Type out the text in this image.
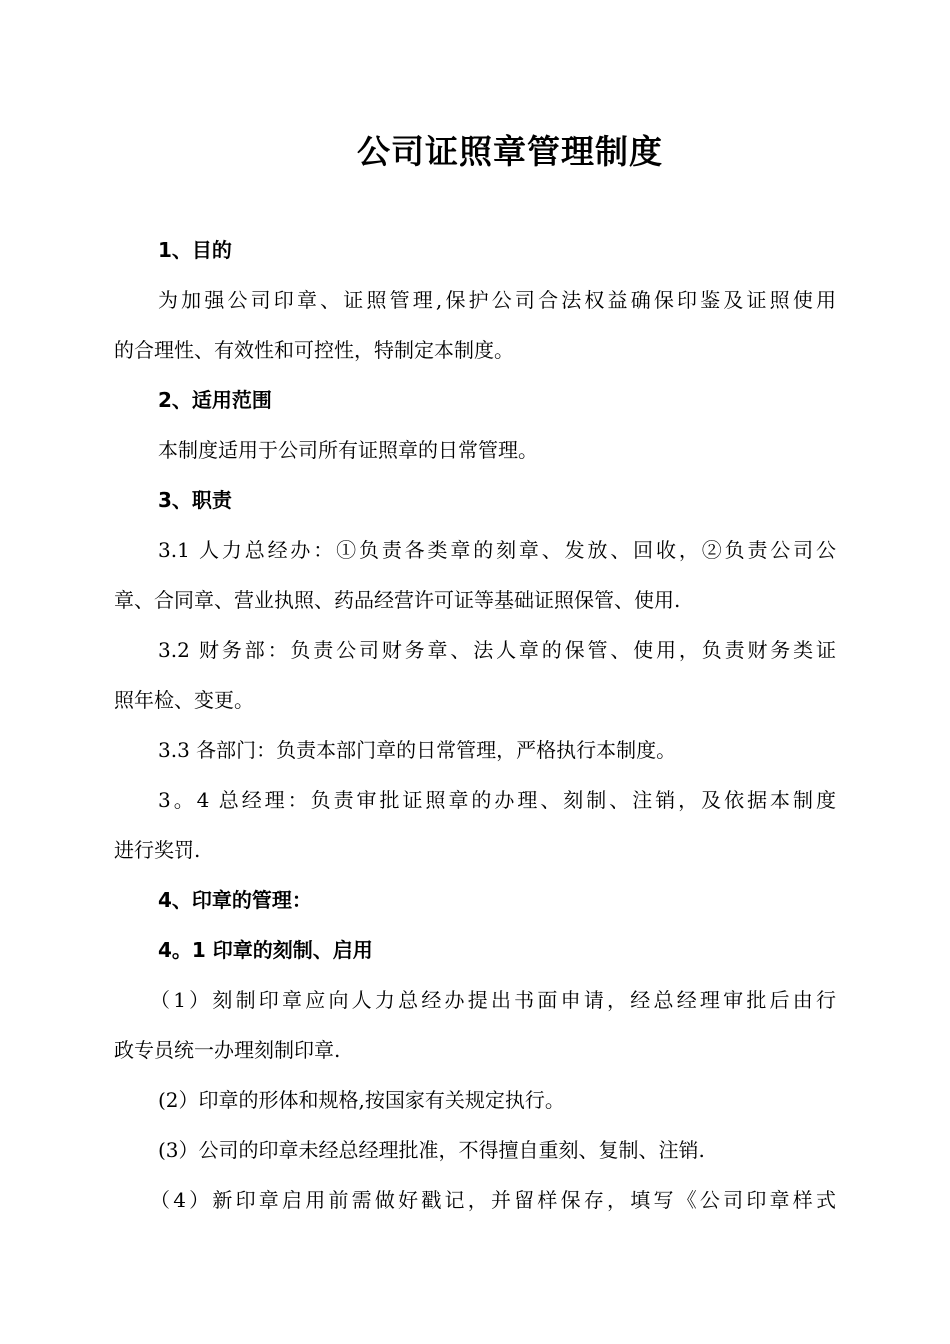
公司证照章管理制度

1、目的

为加强公司印章、证照管理,保护公司合法权益确保印鉴及证照使用

的合理性、有效性和可控性，特制定本制度。

2、适用范围

本制度适用于公司所有证照章的日常管理。

3、职责

3.1 人力总经办：①负责各类章的刻章、发放、回收，②负责公司公

章、合同章、营业执照、药品经营许可证等基础证照保管、使用.

3.2 财务部：负责公司财务章、法人章的保管、使用，负责财务类证

照年检、变更。

3.3 各部门：负责本部门章的日常管理，严格执行本制度。

3。4 总经理：负责审批证照章的办理、刻制、注销，及依据本制度

进行奖罚.

4、印章的管理：

4。1 印章的刻制、启用

（1）刻制印章应向人力总经办提出书面申请，经总经理审批后由行

政专员统一办理刻制印章.

(2）印章的形体和规格,按国家有关规定执行。

(3）公司的印章未经总经理批准，不得擅自重刻、复制、注销.

（4）新印章启用前需做好戳记，并留样保存，填写《公司印章样式
